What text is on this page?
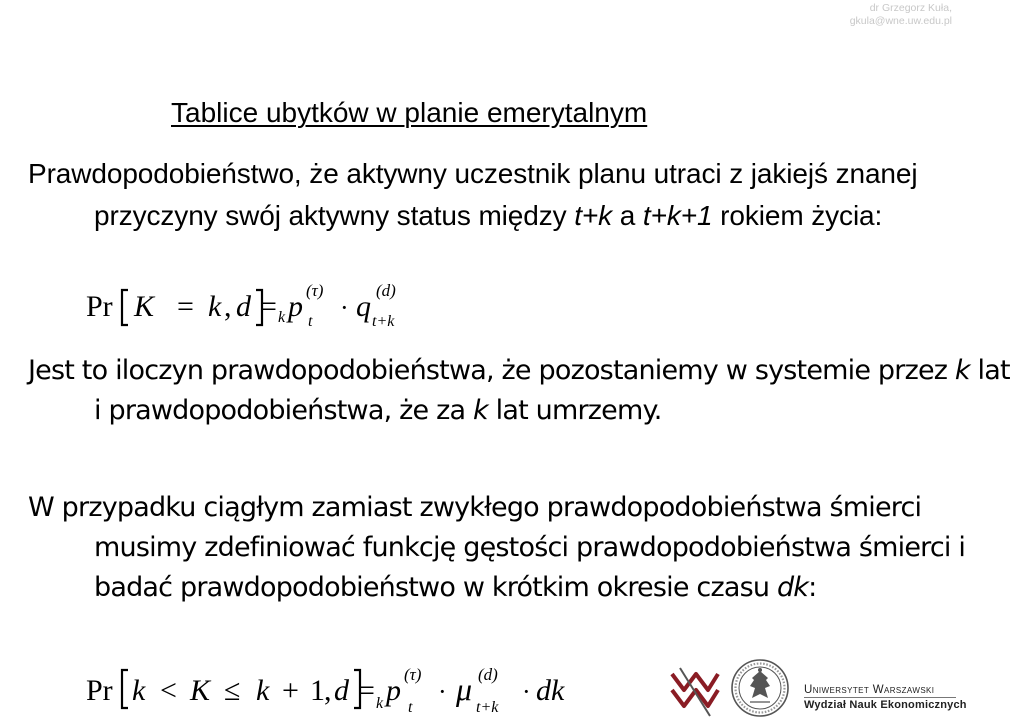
dr Grzegorz Kuła,
gkula@wne.uw.edu.pl
Tablice ubytków w planie emerytalnym

Prawdopodobieństwo, że aktywny uczestnik planu utraci z jakiejś znanej przyczyny swój aktywny status między t+k a t+k+1 rokiem życia:

Pr K = k , d = k p (τ)
t · q (d)
t+k

Jest to iloczyn prawdopodobieństwa, że pozostaniemy w systemie przez k lat i prawdopodobieństwa, że za k lat umrzemy.

W przypadku ciągłym zamiast zwykłego prawdopodobieństwa śmierci musimy zdefiniować funkcję gęstości prawdopodobieństwa śmierci i badać prawdopodobieństwo w krótkim okresie czasu dk:

Pr k < K ≤ k + 1 , d = k p (τ)
t
· μ (d)
t+k
· dk	Uniwersytet Warszawski
Wydział Nauk Ekonomicznych
